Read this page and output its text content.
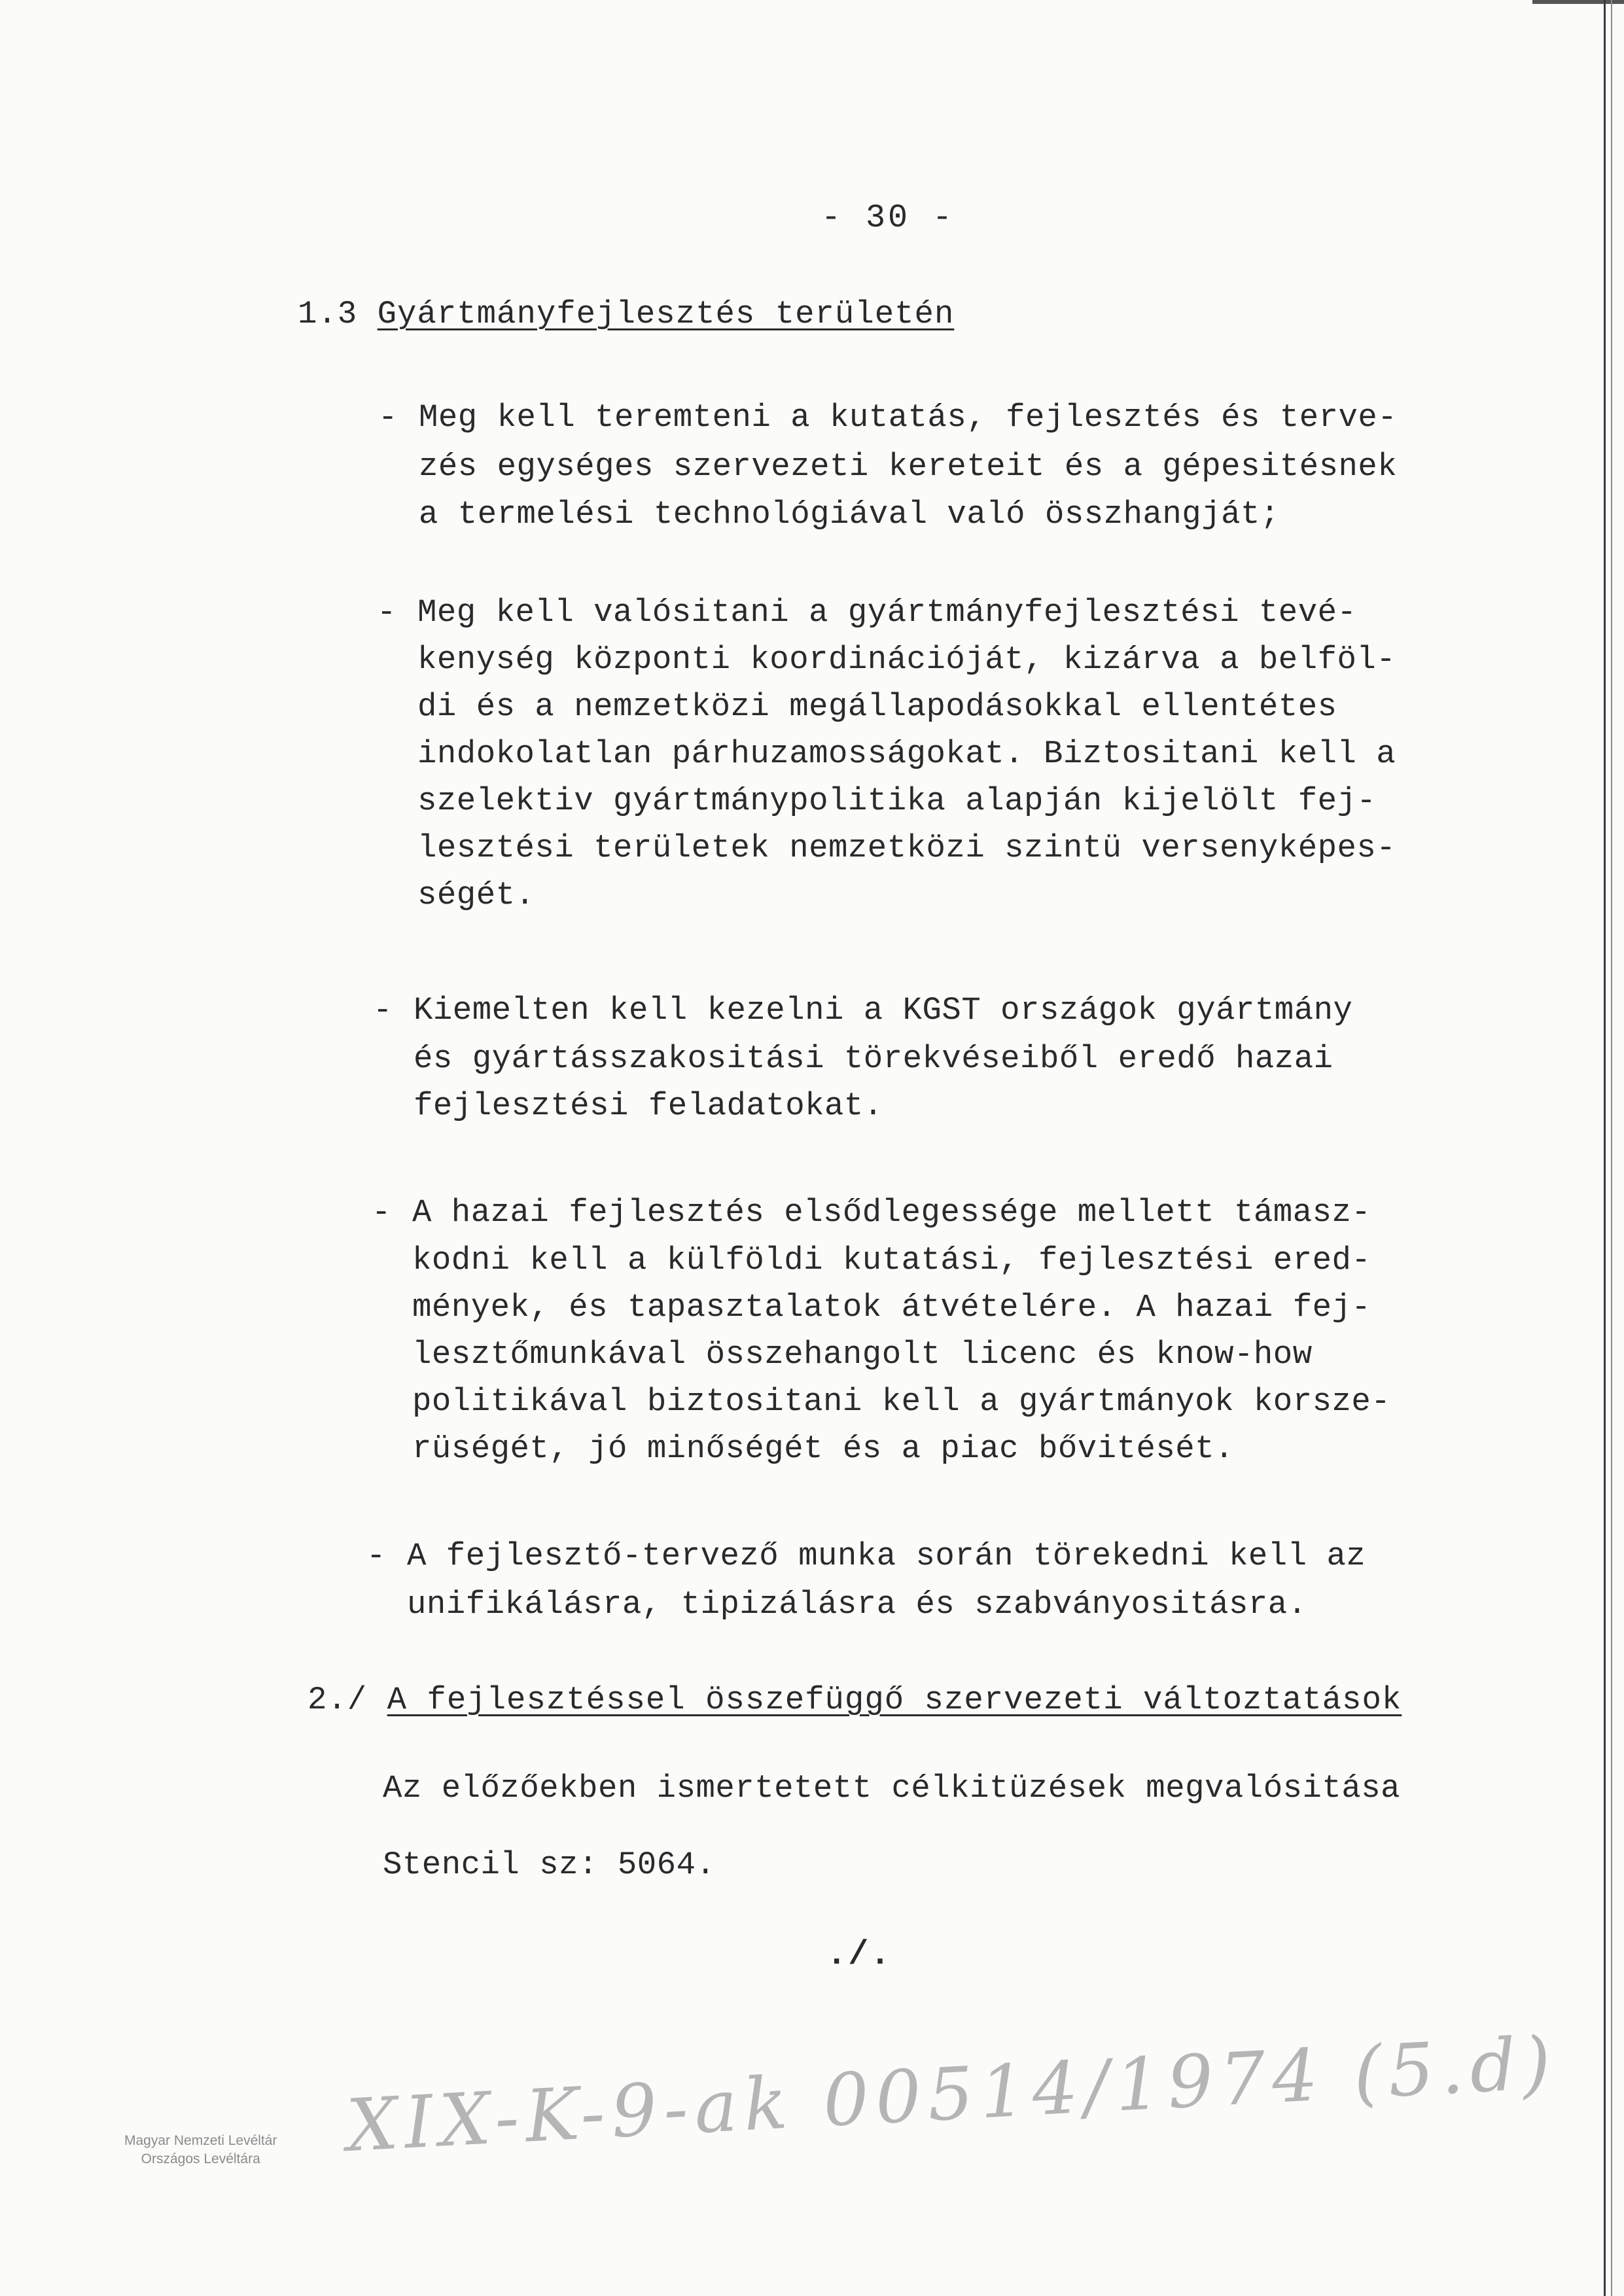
- 30 -
1.3 Gyártmányfejlesztés területén
- Meg kell teremteni a kutatás, fejlesztés és terve-
zés egységes szervezeti kereteit és a gépesitésnek
a termelési technológiával való összhangját;
- Meg kell valósitani a gyártmányfejlesztési tevé-
kenység központi koordinációját, kizárva a belföl-
di és a nemzetközi megállapodásokkal ellentétes
indokolatlan párhuzamosságokat. Biztositani kell a
szelektiv gyártmánypolitika alapján kijelölt fej-
lesztési területek nemzetközi szintü versenyképes-
ségét.
- Kiemelten kell kezelni a KGST országok gyártmány
és gyártásszakositási törekvéseiből eredő hazai
fejlesztési feladatokat.
- A hazai fejlesztés elsődlegessége mellett támasz-
kodni kell a külföldi kutatási, fejlesztési ered-
mények, és tapasztalatok átvételére. A hazai fej-
lesztőmunkával összehangolt licenc és know-how
politikával biztositani kell a gyártmányok korsze-
rüségét, jó minőségét és a piac bővitését.
- A fejlesztő-tervező munka során törekedni kell az
unifikálásra, tipizálásra és szabványositásra.
2./ A fejlesztéssel összefüggő szervezeti változtatások
Az előzőekben ismertetett célkitüzések megvalósitása
Stencil sz: 5064.
./.
Magyar Nemzeti Levéltár
Országos Levéltára XIX-K-9-ak 00514/1974 (5.d)
